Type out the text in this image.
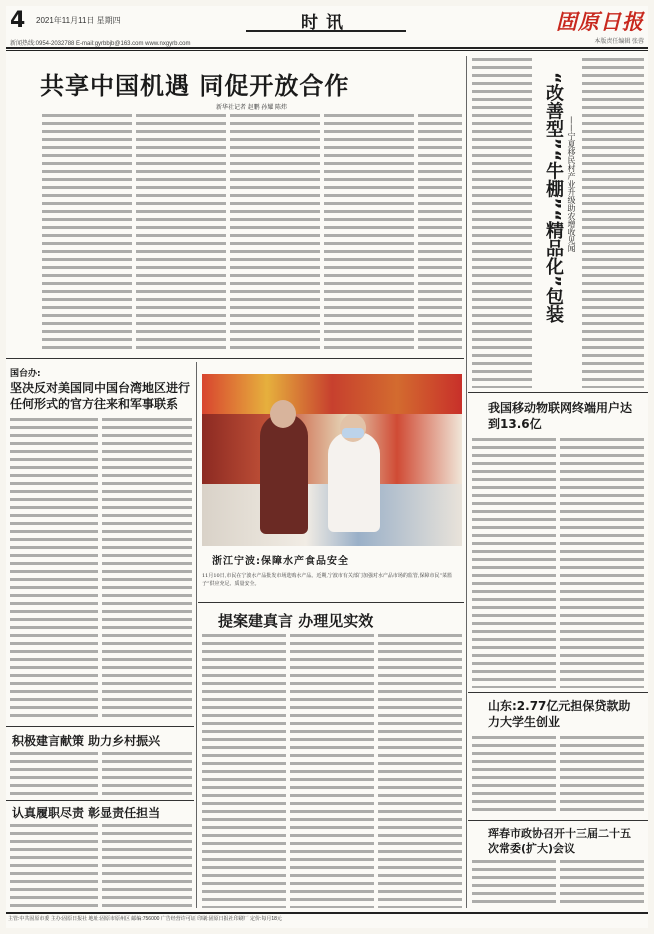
4 2021年11月11日 星期四	时讯	固原日报
本版责任编辑 张蓉
新闻热线:0954-2032788 E-mail:gyrbbjb@163.com www.nxgyrb.com
共享中国机遇 同促开放合作
新华社记者 赵鹏 孙耀 陈炜
国台办:
坚决反对美国同中国台湾地区进行任何形式的官方往来和军事联系
浙江宁波:保障水产食品安全
11月10日,市民在宁波水产品批发市场选购水产品。近期,宁波市有关部门加强对水产品市场的监管,保障市民“菜篮子”供应充足、质量安全。
提案建真言 办理见实效
积极建言献策 助力乡村振兴
认真履职尽责 彰显责任担当
“改善型”“牛棚”“精品化”包装 ——宁夏移民村产业升级助农增收见闻
我国移动物联网终端用户达到13.6亿
山东:2.77亿元担保贷款助力大学生创业
珲春市政协召开十三届二十五次常委(扩大)会议
主管:中共固原市委 主办:固原日报社 地址:固原市原州区 邮编:756000 广告经营许可证 印刷:固原日报社印刷厂 定价:每月18元
